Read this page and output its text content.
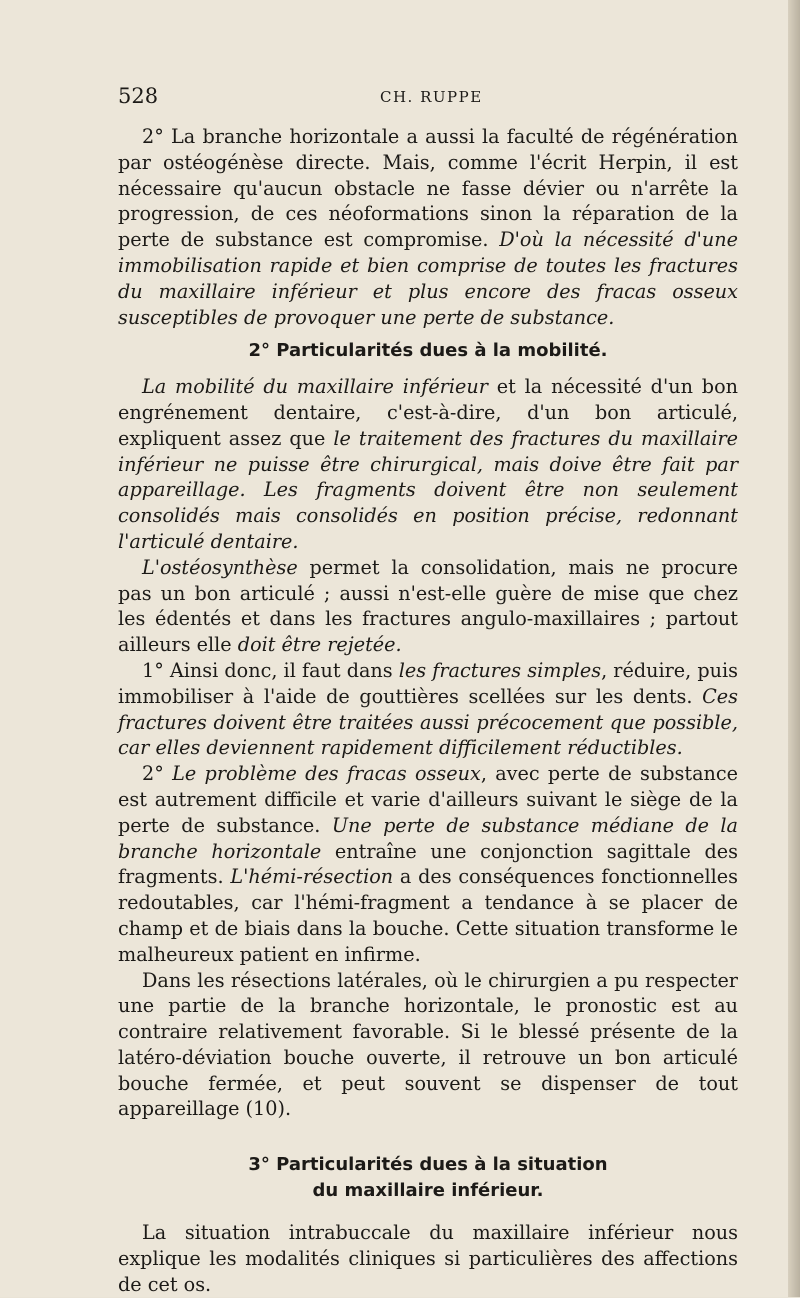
528	CH. RUPPE

2° La branche horizontale a aussi la faculté de régénération par ostéogénèse directe. Mais, comme l'écrit Herpin, il est nécessaire qu'aucun obstacle ne fasse dévier ou n'arrête la progression, de ces néoformations sinon la réparation de la perte de substance est compromise. D'où la nécessité d'une immobilisation rapide et bien comprise de toutes les fractures du maxillaire inférieur et plus encore des fracas osseux susceptibles de provoquer une perte de substance.

2° Particularités dues à la mobilité.

La mobilité du maxillaire inférieur et la nécessité d'un bon engrénement dentaire, c'est-à-dire, d'un bon articulé, expliquent assez que le traitement des fractures du maxillaire inférieur ne puisse être chirurgical, mais doive être fait par appareillage. Les fragments doivent être non seulement consolidés mais consolidés en position précise, redonnant l'articulé dentaire.

L'ostéosynthèse permet la consolidation, mais ne procure pas un bon articulé ; aussi n'est-elle guère de mise que chez les édentés et dans les fractures angulo-maxillaires ; partout ailleurs elle doit être rejetée.

1° Ainsi donc, il faut dans les fractures simples, réduire, puis immobiliser à l'aide de gouttières scellées sur les dents. Ces fractures doivent être traitées aussi précocement que possible, car elles deviennent rapidement difficilement réductibles.

2° Le problème des fracas osseux, avec perte de substance est autrement difficile et varie d'ailleurs suivant le siège de la perte de substance. Une perte de substance médiane de la branche horizontale entraîne une conjonction sagittale des fragments. L'hémi-résection a des conséquences fonctionnelles redoutables, car l'hémi-fragment a tendance à se placer de champ et de biais dans la bouche. Cette situation transforme le malheureux patient en infirme.

Dans les résections latérales, où le chirurgien a pu respecter une partie de la branche horizontale, le pronostic est au contraire relativement favorable. Si le blessé présente de la latéro-déviation bouche ouverte, il retrouve un bon articulé bouche fermée, et peut souvent se dispenser de tout appareillage (10).

3° Particularités dues à la situation
du maxillaire inférieur.

La situation intrabuccale du maxillaire inférieur nous explique les modalités cliniques si particulières des affections de cet os.
